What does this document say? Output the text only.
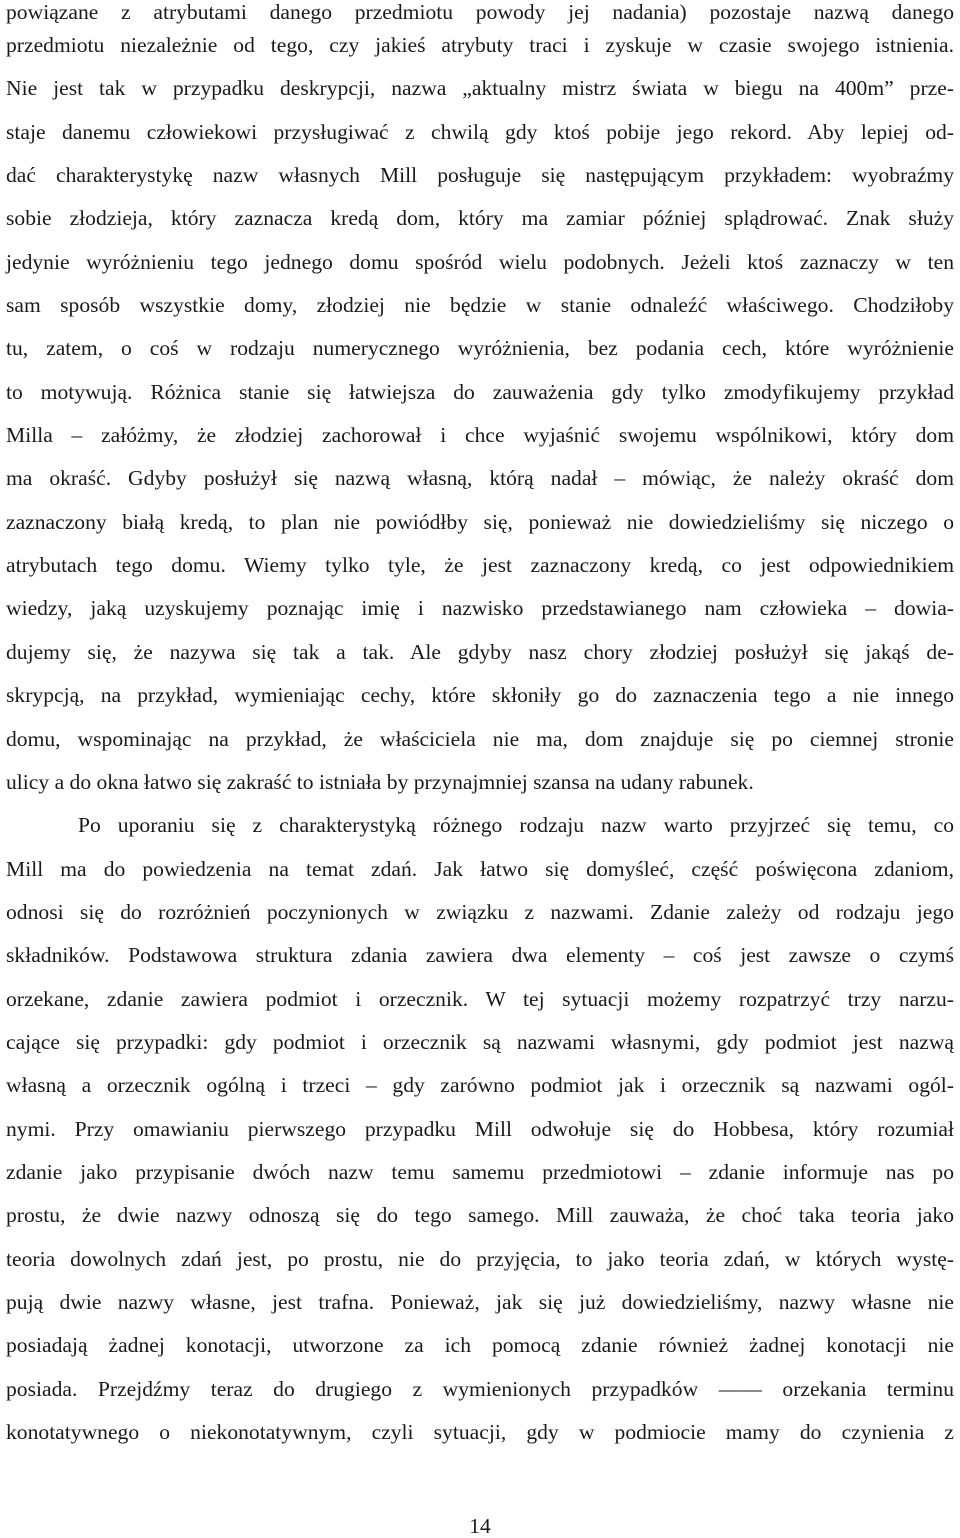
powiązane z atrybutami danego przedmiotu powody jej nadania) pozostaje nazwą danego
przedmiotu niezależnie od tego, czy jakieś atrybuty traci i zyskuje w czasie swojego istnienia.
Nie jest tak w przypadku deskrypcji, nazwa „aktualny mistrz świata w biegu na 400m” prze-
staje danemu człowiekowi przysługiwać z chwilą gdy ktoś pobije jego rekord. Aby lepiej od-
dać charakterystykę nazw własnych Mill posługuje się następującym przykładem: wyobraźmy
sobie złodzieja, który zaznacza kredą dom, który ma zamiar później splądrować. Znak służy
jedynie wyróżnieniu tego jednego domu spośród wielu podobnych. Jeżeli ktoś zaznaczy w ten
sam sposób wszystkie domy, złodziej nie będzie w stanie odnaleźć właściwego. Chodziłoby
tu, zatem, o coś w rodzaju numerycznego wyróżnienia, bez podania cech, które wyróżnienie
to motywują. Różnica stanie się łatwiejsza do zauważenia gdy tylko zmodyfikujemy przykład
Milla – załóżmy, że złodziej zachorował i chce wyjaśnić swojemu wspólnikowi, który dom
ma okraść. Gdyby posłużył się nazwą własną, którą nadał – mówiąc, że należy okraść dom
zaznaczony białą kredą, to plan nie powiódłby się, ponieważ nie dowiedzieliśmy się niczego o
atrybutach tego domu. Wiemy tylko tyle, że jest zaznaczony kredą, co jest odpowiednikiem
wiedzy, jaką uzyskujemy poznając imię i nazwisko przedstawianego nam człowieka – dowia-
dujemy się, że nazywa się tak a tak. Ale gdyby nasz chory złodziej posłużył się jakąś de-
skrypcją, na przykład, wymieniając cechy, które skłoniły go do zaznaczenia tego a nie innego
domu, wspominając na przykład, że właściciela nie ma, dom znajduje się po ciemnej stronie
ulicy a do okna łatwo się zakraść to istniała by przynajmniej szansa na udany rabunek.
Po uporaniu się z charakterystyką różnego rodzaju nazw warto przyjrzeć się temu, co
Mill ma do powiedzenia na temat zdań. Jak łatwo się domyśleć, część poświęcona zdaniom,
odnosi się do rozróżnień poczynionych w związku z nazwami. Zdanie zależy od rodzaju jego
składników. Podstawowa struktura zdania zawiera dwa elementy – coś jest zawsze o czymś
orzekane, zdanie zawiera podmiot i orzecznik. W tej sytuacji możemy rozpatrzyć trzy narzu-
cające się przypadki: gdy podmiot i orzecznik są nazwami własnymi, gdy podmiot jest nazwą
własną a orzecznik ogólną i trzeci – gdy zarówno podmiot jak i orzecznik są nazwami ogól-
nymi. Przy omawianiu pierwszego przypadku Mill odwołuje się do Hobbesa, który rozumiał
zdanie jako przypisanie dwóch nazw temu samemu przedmiotowi – zdanie informuje nas po
prostu, że dwie nazwy odnoszą się do tego samego. Mill zauważa, że choć taka teoria jako
teoria dowolnych zdań jest, po prostu, nie do przyjęcia, to jako teoria zdań, w których wystę-
pują dwie nazwy własne, jest trafna. Ponieważ, jak się już dowiedzieliśmy, nazwy własne nie
posiadają żadnej konotacji, utworzone za ich pomocą zdanie również żadnej konotacji nie
posiada. Przejdźmy teraz do drugiego z wymienionych przypadków —— orzekania terminu
konotatywnego o niekonotatywnym, czyli sytuacji, gdy w podmiocie mamy do czynienia z
14
